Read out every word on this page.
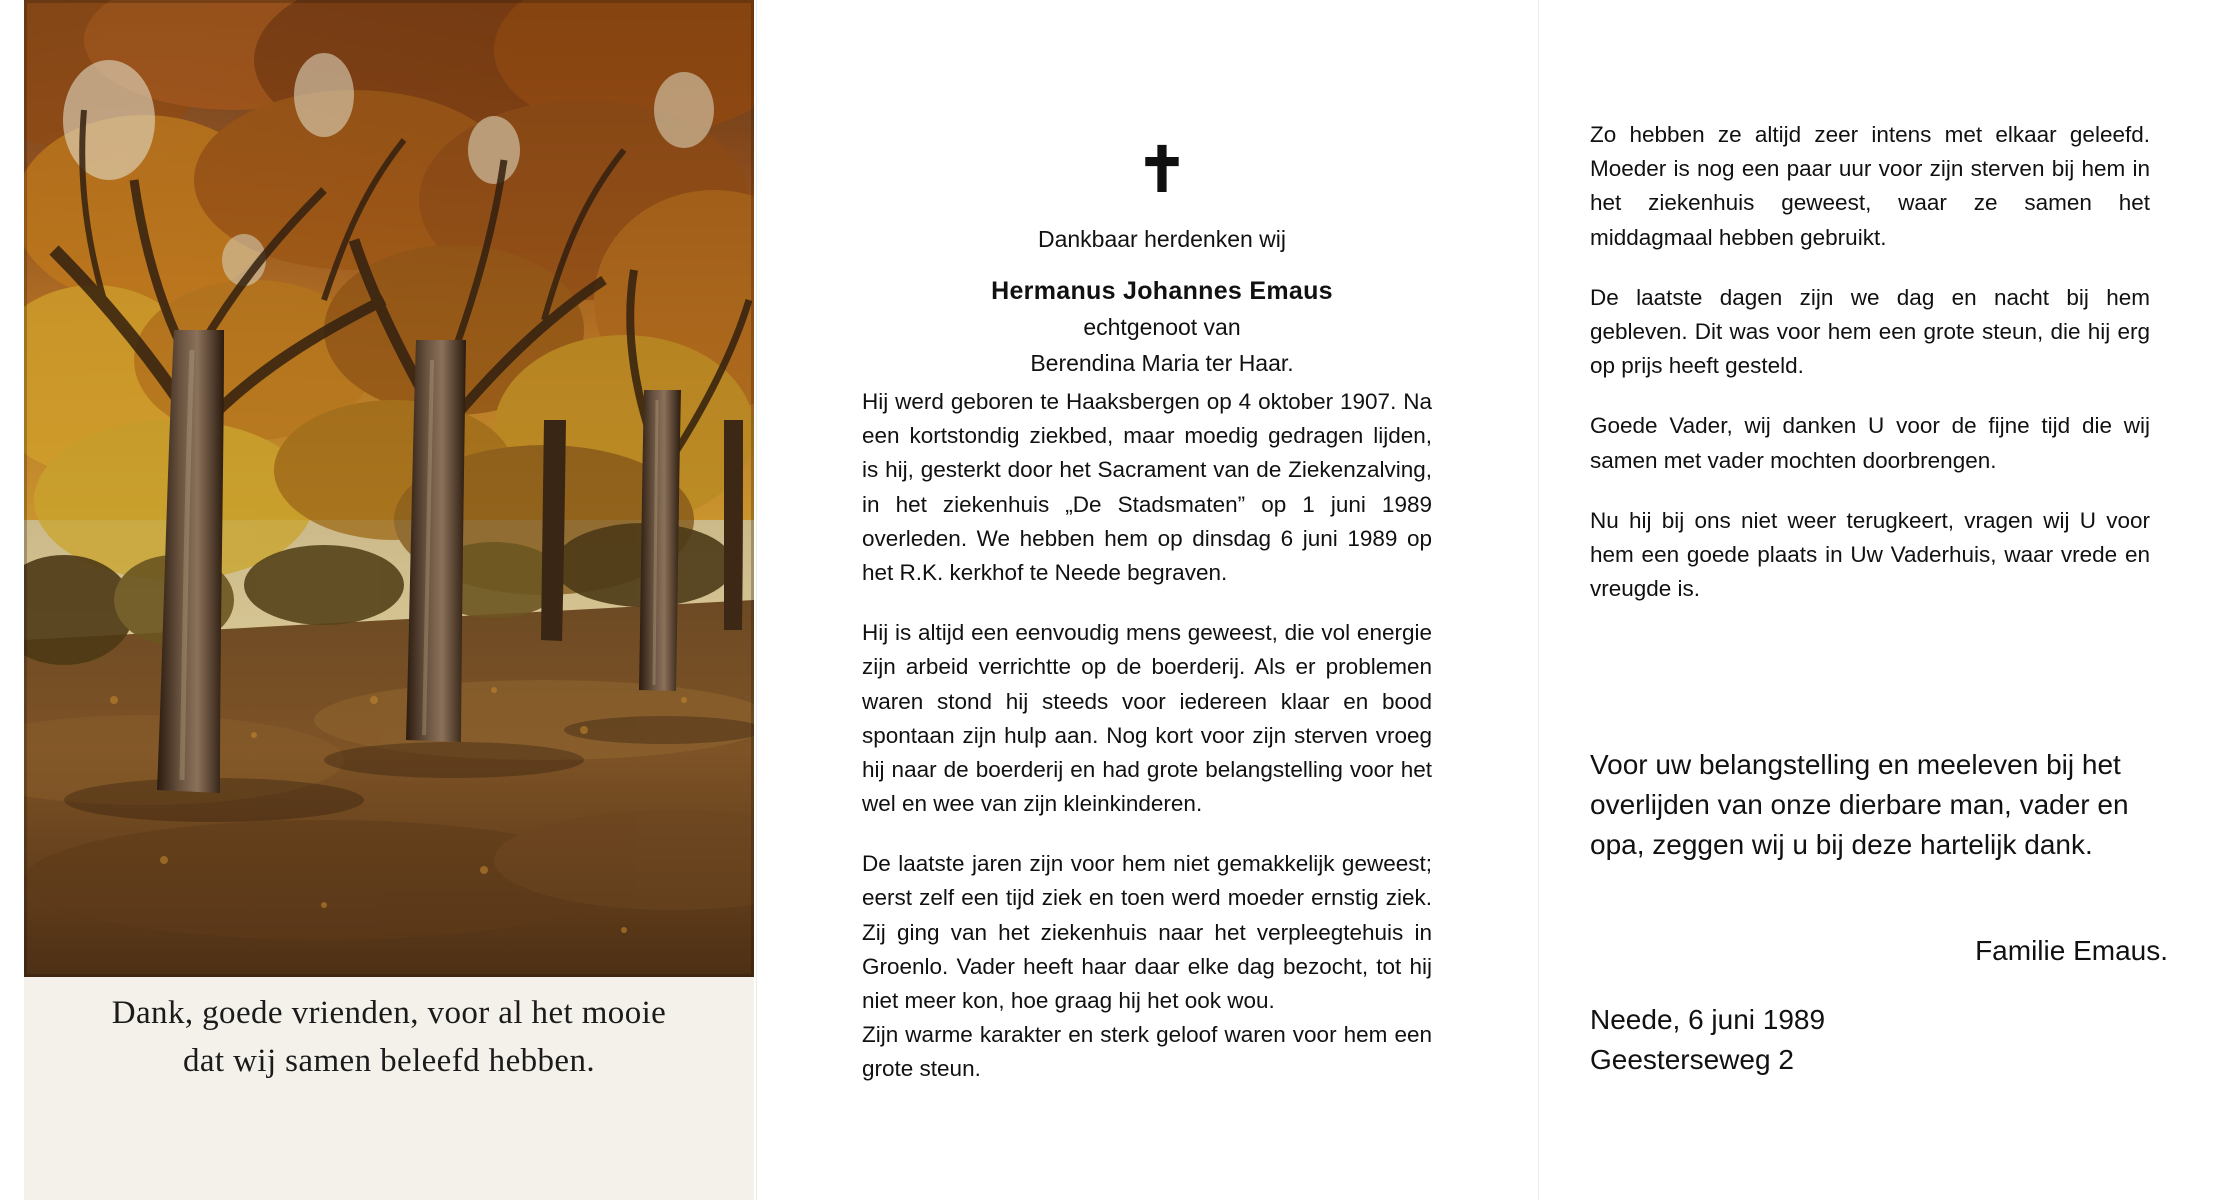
Dank, goede vrienden, voor al het mooie
dat wij samen beleefd hebben.
✝
Dankbaar herdenken wij
Hermanus Johannes Emaus
echtgenoot van
Berendina Maria ter Haar.

Hij werd geboren te Haaksbergen op 4 oktober 1907. Na een kortstondig ziekbed, maar moedig gedragen lijden, is hij, gesterkt door het Sacrament van de Ziekenzalving, in het ziekenhuis „De Stadsmaten” op 1 juni 1989 overleden. We hebben hem op dinsdag 6 juni 1989 op het R.K. kerkhof te Neede begraven.

Hij is altijd een eenvoudig mens geweest, die vol energie zijn arbeid verrichtte op de boerderij. Als er problemen waren stond hij steeds voor iedereen klaar en bood spontaan zijn hulp aan. Nog kort voor zijn sterven vroeg hij naar de boerderij en had grote belangstelling voor het wel en wee van zijn kleinkinderen.

De laatste jaren zijn voor hem niet gemakkelijk geweest; eerst zelf een tijd ziek en toen werd moeder ernstig ziek. Zij ging van het ziekenhuis naar het verpleegtehuis in Groenlo. Vader heeft haar daar elke dag bezocht, tot hij niet meer kon, hoe graag hij het ook wou.

Zijn warme karakter en sterk geloof waren voor hem een grote steun.

Zo hebben ze altijd zeer intens met elkaar geleefd. Moeder is nog een paar uur voor zijn sterven bij hem in het ziekenhuis geweest, waar ze samen het middagmaal hebben gebruikt.

De laatste dagen zijn we dag en nacht bij hem gebleven. Dit was voor hem een grote steun, die hij erg op prijs heeft gesteld.

Goede Vader, wij danken U voor de fijne tijd die wij samen met vader mochten doorbrengen.

Nu hij bij ons niet weer terugkeert, vragen wij U voor hem een goede plaats in Uw Vaderhuis, waar vrede en vreugde is.

Voor uw belangstelling en meeleven bij het overlijden van onze dierbare man, vader en opa, zeggen wij u bij deze hartelijk dank.
Familie Emaus.
Neede, 6 juni 1989
Geesterseweg 2
